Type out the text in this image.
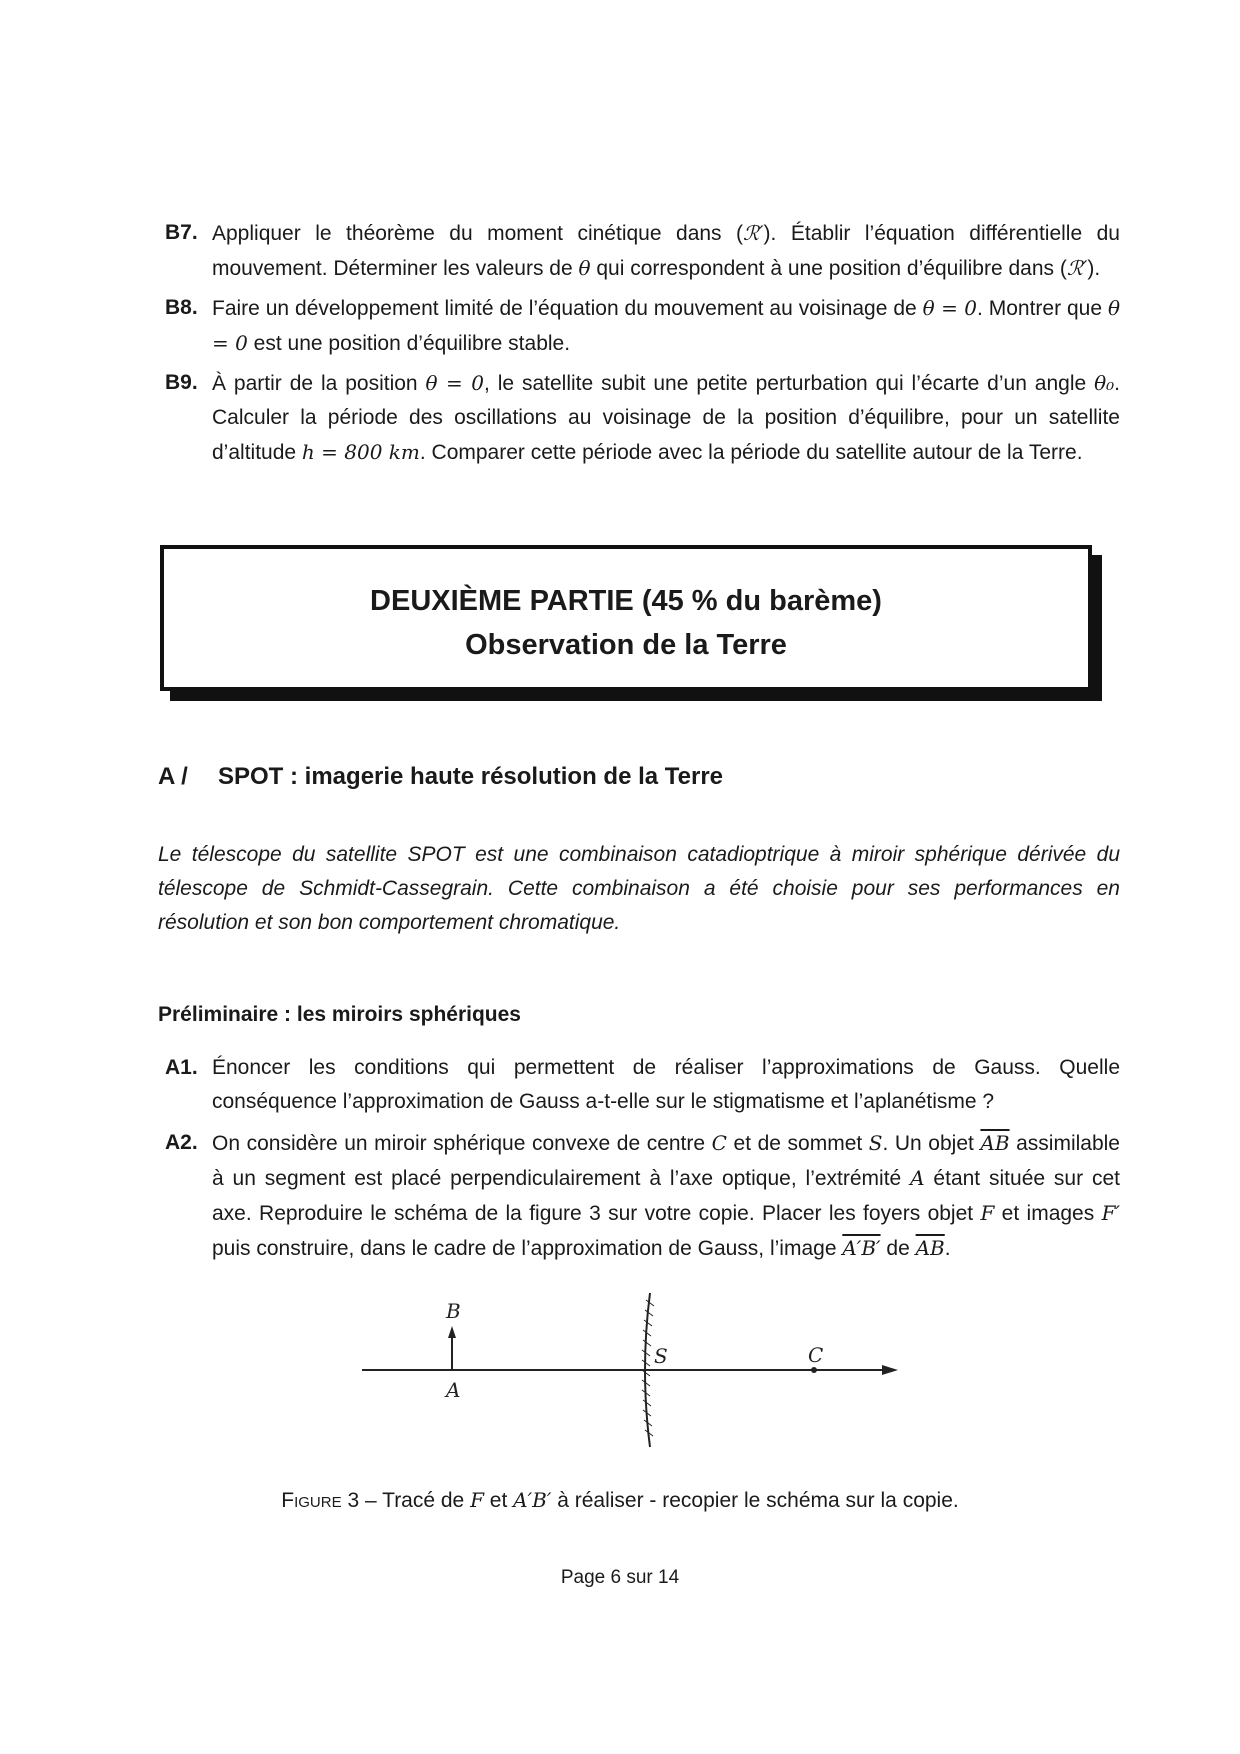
B7. Appliquer le théorème du moment cinétique dans (ℛ′). Établir l’équation différentielle du mouvement. Déterminer les valeurs de θ qui correspondent à une position d’équilibre dans (ℛ′).
B8. Faire un développement limité de l’équation du mouvement au voisinage de θ = 0. Montrer que θ = 0 est une position d’équilibre stable.
B9. À partir de la position θ = 0, le satellite subit une petite perturbation qui l’écarte d’un angle θ₀. Calculer la période des oscillations au voisinage de la position d’équilibre, pour un satellite d’altitude h = 800 km. Comparer cette période avec la période du satellite autour de la Terre.
DEUXIÈME PARTIE (45 % du barème)
Observation de la Terre
A / SPOT : imagerie haute résolution de la Terre
Le télescope du satellite SPOT est une combinaison catadioptrique à miroir sphérique dérivée du télescope de Schmidt-Cassegrain. Cette combinaison a été choisie pour ses performances en résolution et son bon comportement chromatique.
Préliminaire : les miroirs sphériques
A1. Énoncer les conditions qui permettent de réaliser l’approximations de Gauss. Quelle conséquence l’approximation de Gauss a-t-elle sur le stigmatisme et l’aplanétisme ?
A2. On considère un miroir sphérique convexe de centre C et de sommet S. Un objet $\overline{AB}$ assimilable à un segment est placé perpendiculairement à l’axe optique, l’extrémité A étant située sur cet axe. Reproduire le schéma de la figure 3 sur votre copie. Placer les foyers objet F et images F′ puis construire, dans le cadre de l’approximation de Gauss, l’image A′B′ de $\overline{AB}$.
B
A
S	C
Figure 3 – Tracé de F et A′B′ à réaliser - recopier le schéma sur la copie.
Page 6 sur 14
